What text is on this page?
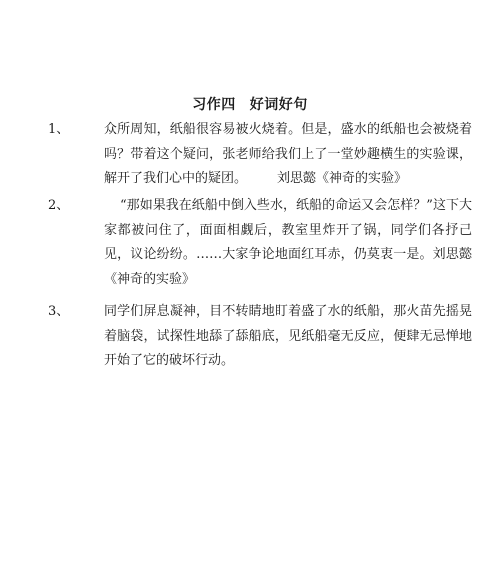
习作四 好词好句
1、	众所周知，纸船很容易被火烧着。但是，盛水的纸船也会被烧着吗？带着这个疑问，张老师给我们上了一堂妙趣横生的实验课，解开了我们心中的疑团。 刘思懿《神奇的实验》
2、	“那如果我在纸船中倒入些水，纸船的命运又会怎样？”这下大家都被问住了，面面相觑后，教室里炸开了锅，同学们各抒己见，议论纷纷。……大家争论地面红耳赤，仍莫衷一是。刘思懿《神奇的实验》
3、	同学们屏息凝神，目不转睛地盯着盛了水的纸船，那火苗先摇晃着脑袋，试探性地舔了舔船底，见纸船毫无反应，便肆无忌惮地开始了它的破坏行动。
